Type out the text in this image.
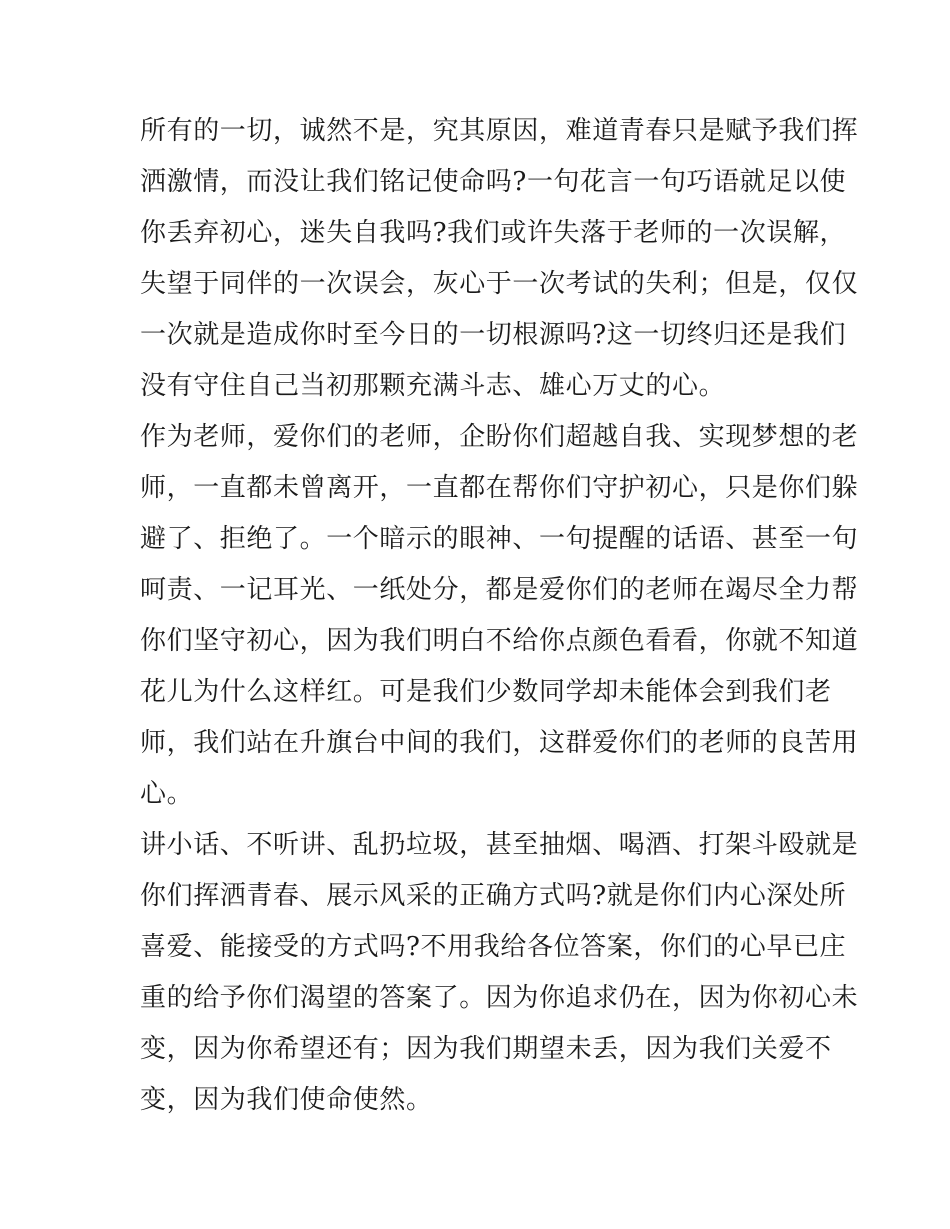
所有的一切，诚然不是，究其原因，难道青春只是赋予我们挥
洒激情，而没让我们铭记使命吗?一句花言一句巧语就足以使
你丢弃初心，迷失自我吗?我们或许失落于老师的一次误解，
失望于同伴的一次误会，灰心于一次考试的失利；但是，仅仅
一次就是造成你时至今日的一切根源吗?这一切终归还是我们
没有守住自己当初那颗充满斗志、雄心万丈的心。
作为老师，爱你们的老师，企盼你们超越自我、实现梦想的老
师，一直都未曾离开，一直都在帮你们守护初心，只是你们躲
避了、拒绝了。一个暗示的眼神、一句提醒的话语、甚至一句
呵责、一记耳光、一纸处分，都是爱你们的老师在竭尽全力帮
你们坚守初心，因为我们明白不给你点颜色看看，你就不知道
花儿为什么这样红。可是我们少数同学却未能体会到我们老
师，我们站在升旗台中间的我们，这群爱你们的老师的良苦用
心。
讲小话、不听讲、乱扔垃圾，甚至抽烟、喝酒、打架斗殴就是
你们挥洒青春、展示风采的正确方式吗?就是你们内心深处所
喜爱、能接受的方式吗?不用我给各位答案，你们的心早已庄
重的给予你们渴望的答案了。因为你追求仍在，因为你初心未
变，因为你希望还有；因为我们期望未丢，因为我们关爱不
变，因为我们使命使然。
